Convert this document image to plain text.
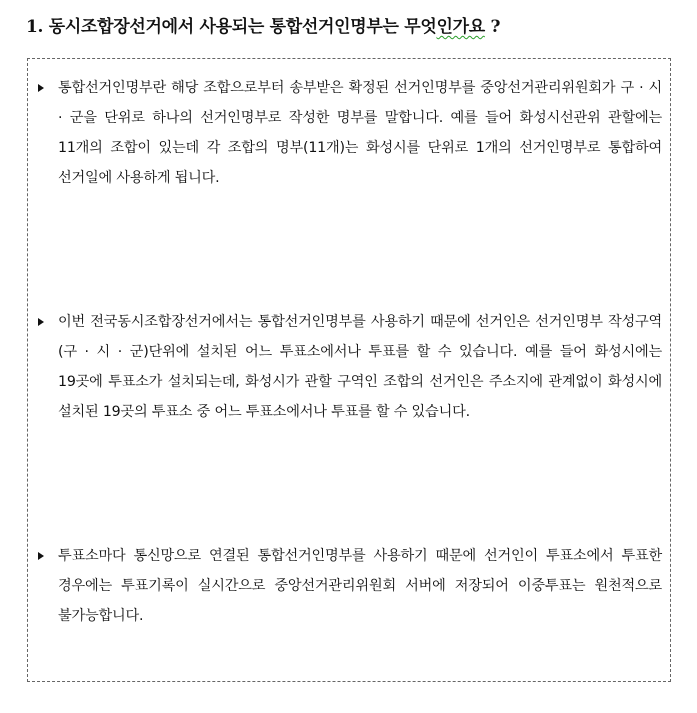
1. 동시조합장선거에서 사용되는 통합선거인명부는 무엇인가요 ?
통합선거인명부란 해당 조합으로부터 송부받은 확정된 선거인명부를 중앙선거관리위원회가 구 · 시 · 군을 단위로 하나의 선거인명부로 작성한 명부를 말합니다. 예를 들어 화성시선관위 관할에는 11개의 조합이 있는데 각 조합의 명부(11개)는 화성시를 단위로 1개의 선거인명부로 통합하여 선거일에 사용하게 됩니다.
이번 전국동시조합장선거에서는 통합선거인명부를 사용하기 때문에 선거인은 선거인명부 작성구역(구 · 시 · 군)단위에 설치된 어느 투표소에서나 투표를 할 수 있습니다. 예를 들어 화성시에는 19곳에 투표소가 설치되는데, 화성시가 관할 구역인 조합의 선거인은 주소지에 관계없이 화성시에 설치된 19곳의 투표소 중 어느 투표소에서나 투표를 할 수 있습니다.
투표소마다 통신망으로 연결된 통합선거인명부를 사용하기 때문에 선거인이 투표소에서 투표한 경우에는 투표기록이 실시간으로 중앙선거관리위원회 서버에 저장되어 이중투표는 원천적으로 불가능합니다.
